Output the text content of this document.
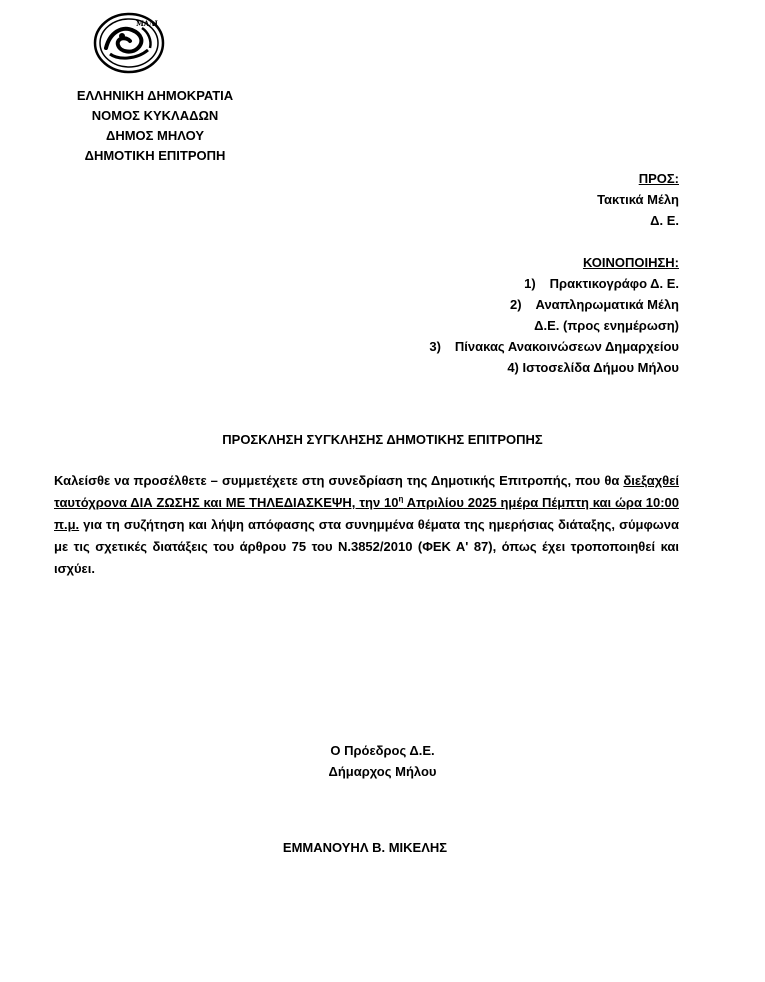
ΜΑΛΙ
ΕΛΛΗΝΙΚΗ ΔΗΜΟΚΡΑΤΙΑ
ΝΟΜΟΣ ΚΥΚΛΑΔΩΝ
ΔΗΜΟΣ ΜΗΛΟΥ
ΔΗΜΟΤΙΚΗ ΕΠΙΤΡΟΠΗ
ΠΡΟΣ:
Τακτικά Μέλη
Δ. Ε.
ΚΟΙΝΟΠΟΙΗΣΗ:
1) Πρακτικογράφο Δ. Ε.
2) Αναπληρωματικά Μέλη
Δ.Ε. (προς ενημέρωση)
3) Πίνακας Ανακοινώσεων Δημαρχείου
4) Ιστοσελίδα Δήμου Μήλου
ΠΡΟΣΚΛΗΣΗ ΣΥΓΚΛΗΣΗΣ ΔΗΜΟΤΙΚΗΣ ΕΠΙΤΡΟΠΗΣ
Καλείσθε να προσέλθετε – συμμετέχετε στη συνεδρίαση της Δημοτικής Επιτροπής, που θα διεξαχθεί ταυτόχρονα ΔΙΑ ΖΩΣΗΣ και ΜΕ ΤΗΛΕΔΙΑΣΚΕΨΗ, την $10^\eta$ Απριλίου 2025 ημέρα Πέμπτη και ώρα 10:00 π.μ. για τη συζήτηση και λήψη απόφασης στα συνημμένα θέματα της ημερήσιας διάταξης, σύμφωνα με τις σχετικές διατάξεις του άρθρου 75 του Ν.3852/2010 (ΦΕΚ Α' 87), όπως έχει τροποποιηθεί και ισχύει.
Ο Πρόεδρος Δ.Ε.
Δήμαρχος Μήλου
ΕΜΜΑΝΟΥΗΛ Β. ΜΙΚΕΛΗΣ
